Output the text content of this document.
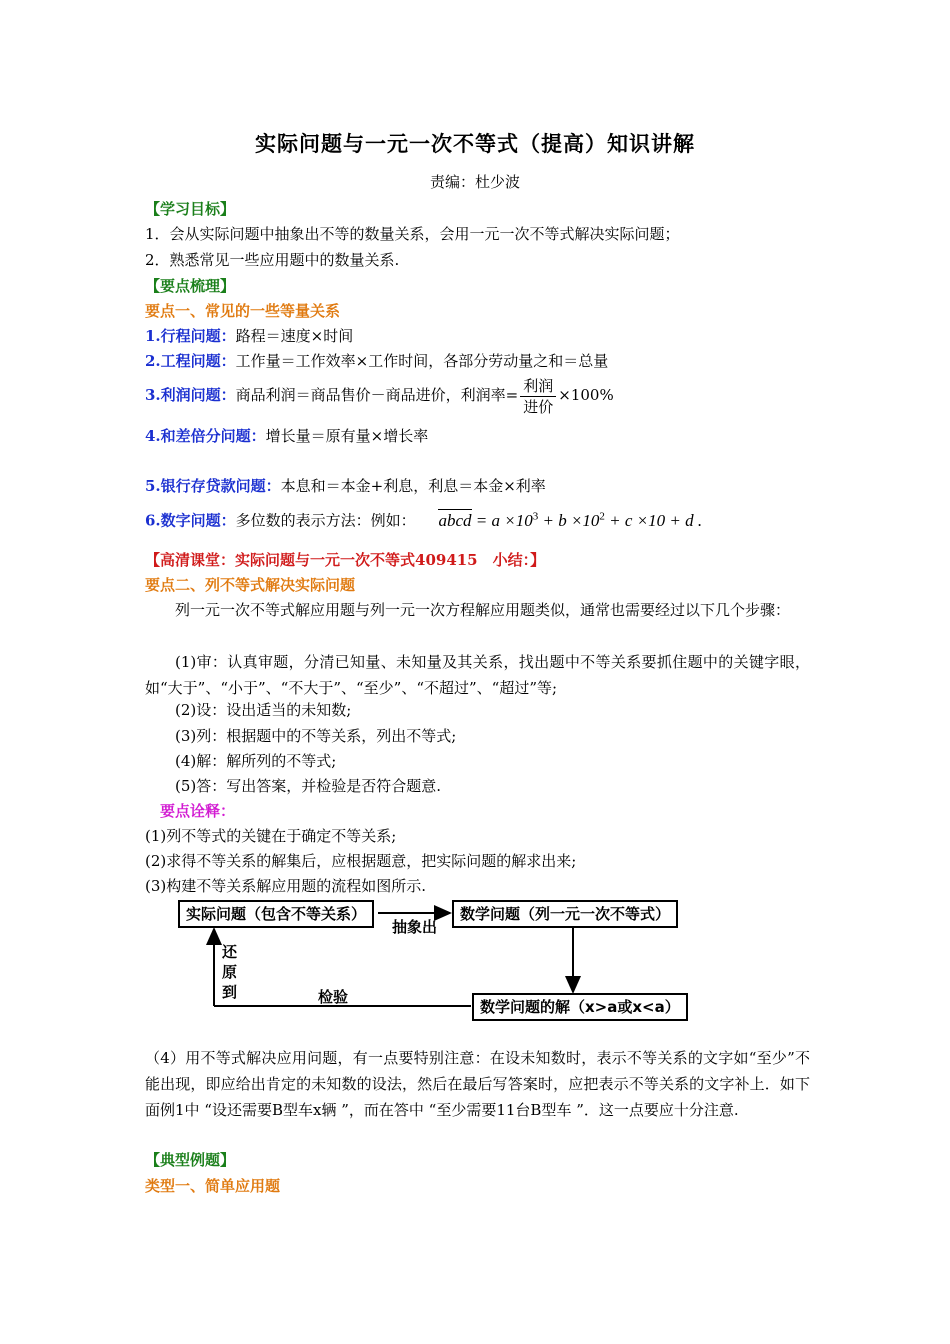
实际问题与一元一次不等式（提高）知识讲解
责编：杜少波
【学习目标】
1．会从实际问题中抽象出不等的数量关系，会用一元一次不等式解决实际问题；
2．熟悉常见一些应用题中的数量关系.
【要点梳理】
要点一、常见的一些等量关系
1.行程问题：路程＝速度×时间
2.工程问题：工作量＝工作效率×工作时间，各部分劳动量之和＝总量
3.利润问题：商品利润＝商品售价－商品进价，利润率= $\frac{\text{利润}}{\text{进价}} \times 100\%$
4.和差倍分问题：增长量＝原有量×增长率
5.银行存贷款问题：本息和＝本金+利息，利息＝本金×利率
6.数字问题：多位数的表示方法：例如： abcd = $a \times 10^3 + b \times 10^2 + c \times 10 + d$ .
【高清课堂：实际问题与一元一次不等式409415　小结：】
要点二、列不等式解决实际问题
列一元一次不等式解应用题与列一元一次方程解应用题类似，通常也需要经过以下几个步骤：
(1)审：认真审题，分清已知量、未知量及其关系，找出题中不等关系要抓住题中的关键字眼，如“大于”、“小于”、“不大于”、“至少”、“不超过”、“超过”等;
(2)设：设出适当的未知数;
(3)列：根据题中的不等关系，列出不等式;
(4)解：解所列的不等式;
(5)答：写出答案，并检验是否符合题意.
要点诠释：
(1)列不等式的关键在于确定不等关系;
(2)求得不等关系的解集后，应根据题意，把实际问题的解求出来;
(3)构建不等关系解应用题的流程如图所示.
实际问题（包含不等关系）	数学问题（列一元一次不等式）
数学问题的解（x>a或x<a）
抽象出
还原到	检验
（4）用不等式解决应用问题，有一点要特别注意：在设未知数时，表示不等关系的文字如“至少”不能出现，即应给出肯定的未知数的设法，然后在最后写答案时，应把表示不等关系的文字补上．如下面例1中 “设还需要B型车x辆 ”，而在答中 “至少需要11台B型车 ”．这一点要应十分注意.
【典型例题】
类型一、简单应用题
